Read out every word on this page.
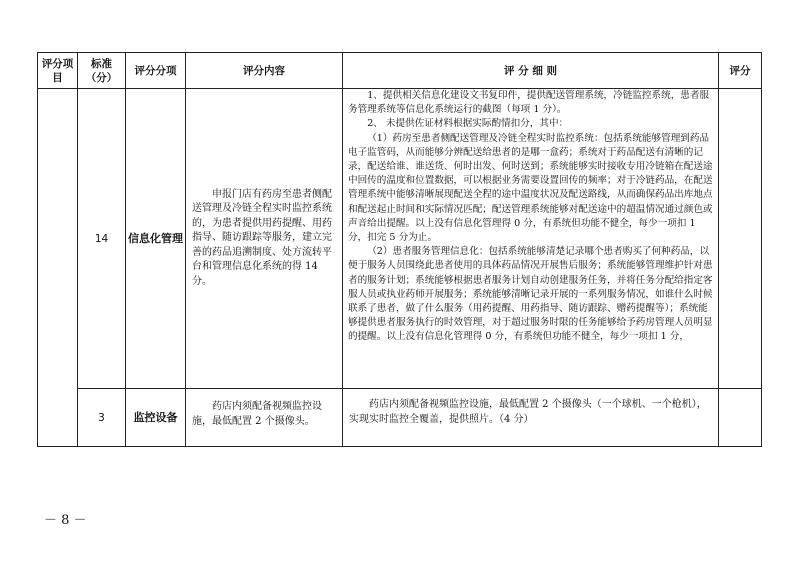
评分项目	标准（分）	评分分项	评分内容	评 分 细 则	评分
	14	信息化管理	申报门店有药房至患者侧配送管理及冷链全程实时监控系统的，为患者提供用药提醒、用药指导、随访跟踪等服务，建立完善的药品追溯制度、处方流转平台和管理信息化系统的得 14 分。	1、提供相关信息化建设文书复印件，提供配送管理系统，冷链监控系统，患者服务管理系统等信息化系统运行的截图（每项 1 分）。

2、 未提供佐证材料根据实际酌情扣分，其中：

（1）药房至患者侧配送管理及冷链全程实时监控系统：包括系统能够管理到药品电子监管码，从而能够分辨配送给患者的是哪一盒药；系统对于药品配送有清晰的记录，配送给谁、谁送货、何时出发、何时送到；系统能够实时接收专用冷链箱在配送途中回传的温度和位置数据，可以根据业务需要设置回传的频率；对于冷链药品，在配送管理系统中能够清晰展现配送全程的途中温度状况及配送路线，从而确保药品出库地点和配送起止时间和实际情况匹配；配送管理系统能够对配送途中的超温情况通过颜色或声音给出提醒。以上没有信息化管理得 0 分，有系统但功能不健全，每少一项扣 1 分，扣完 5 分为止。

（2）患者服务管理信息化：包括系统能够清楚记录哪个患者购买了何种药品，以便于服务人员围绕此患者使用的具体药品情况开展售后服务；系统能够管理维护针对患者的服务计划；系统能够根据患者服务计划自动创建服务任务，并将任务分配给指定客服人员或执业药师开展服务；系统能够清晰记录开展的一系列服务情况，如谁什么时候联系了患者，做了什么服务（用药提醒、用药指导、随访跟踪、赠药提醒等）；系统能够提供患者服务执行的时效管理，对于超过服务时限的任务能够给予药房管理人员明显的提醒。以上没有信息化管理得 0 分，有系统但功能不健全，每少一项扣 1 分，	

	3	监控设备	药店内须配备视频监控设施，最低配置 2 个摄像头。	药店内须配备视频监控设施，最低配置 2 个摄像头（一个球机、一个枪机），实现实时监控全覆盖，提供照片。（4 分）	

－ 8 －
